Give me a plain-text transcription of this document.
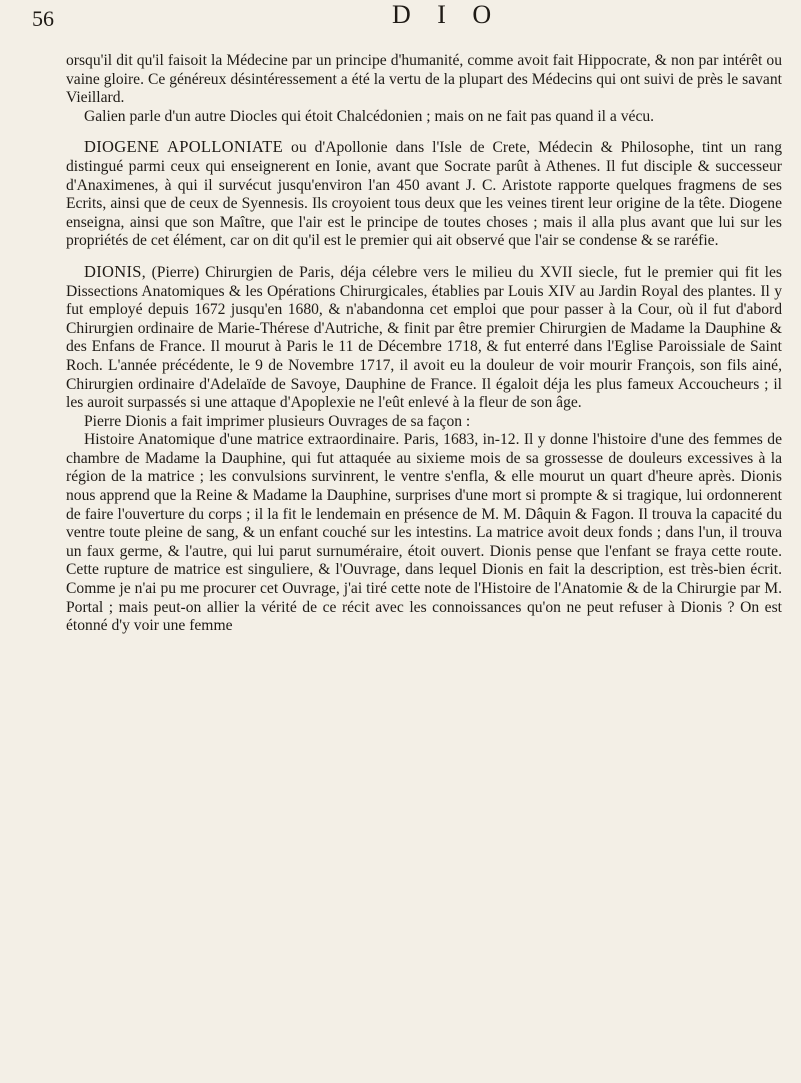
56	D I O

orsqu'il dit qu'il faisoit la Médecine par un principe d'humanité, comme avoit fait Hippocrate, & non par intérêt ou vaine gloire. Ce généreux désintéressement a été la vertu de la plupart des Médecins qui ont suivi de près le savant Vieillard.

Galien parle d'un autre Diocles qui étoit Chalcédonien ; mais on ne fait pas quand il a vécu.

DIOGENE APOLLONIATE ou d'Apollonie dans l'Isle de Crete, Médecin & Philosophe, tint un rang distingué parmi ceux qui enseignerent en Ionie, avant que Socrate parût à Athenes. Il fut disciple & successeur d'Anaximenes, à qui il survécut jusqu'environ l'an 450 avant J. C. Aristote rapporte quelques fragmens de ses Ecrits, ainsi que de ceux de Syennesis. Ils croyoient tous deux que les veines tirent leur origine de la tête. Diogene enseigna, ainsi que son Maître, que l'air est le principe de toutes choses ; mais il alla plus avant que lui sur les propriétés de cet élément, car on dit qu'il est le premier qui ait observé que l'air se condense & se raréfie.

DIONIS, (Pierre) Chirurgien de Paris, déja célebre vers le milieu du XVII siecle, fut le premier qui fit les Dissections Anatomiques & les Opérations Chirurgicales, établies par Louis XIV au Jardin Royal des plantes. Il y fut employé depuis 1672 jusqu'en 1680, & n'abandonna cet emploi que pour passer à la Cour, où il fut d'abord Chirurgien ordinaire de Marie-Thérese d'Autriche, & finit par être premier Chirurgien de Madame la Dauphine & des Enfans de France. Il mourut à Paris le 11 de Décembre 1718, & fut enterré dans l'Eglise Paroissiale de Saint Roch. L'année précédente, le 9 de Novembre 1717, il avoit eu la douleur de voir mourir François, son fils ainé, Chirurgien ordinaire d'Adelaïde de Savoye, Dauphine de France. Il égaloit déja les plus fameux Accoucheurs ; il les auroit surpassés si une attaque d'Apoplexie ne l'eût enlevé à la fleur de son âge.

Pierre Dionis a fait imprimer plusieurs Ouvrages de sa façon :

Histoire Anatomique d'une matrice extraordinaire. Paris, 1683, in-12. Il y donne l'histoire d'une des femmes de chambre de Madame la Dauphine, qui fut attaquée au sixieme mois de sa grossesse de douleurs excessives à la région de la matrice ; les convulsions survinrent, le ventre s'enfla, & elle mourut un quart d'heure après. Dionis nous apprend que la Reine & Madame la Dauphine, surprises d'une mort si prompte & si tragique, lui ordonnerent de faire l'ouverture du corps ; il la fit le lendemain en présence de M. M. Dâquin & Fagon. Il trouva la capacité du ventre toute pleine de sang, & un enfant couché sur les intestins. La matrice avoit deux fonds ; dans l'un, il trouva un faux germe, & l'autre, qui lui parut surnuméraire, étoit ouvert. Dionis pense que l'enfant se fraya cette route. Cette rupture de matrice est singuliere, & l'Ouvrage, dans lequel Dionis en fait la description, est très-bien écrit. Comme je n'ai pu me procurer cet Ouvrage, j'ai tiré cette note de l'Histoire de l'Anatomie & de la Chirurgie par M. Portal ; mais peut-on allier la vérité de ce récit avec les connoissances qu'on ne peut refuser à Dionis ? On est étonné d'y voir une femme
